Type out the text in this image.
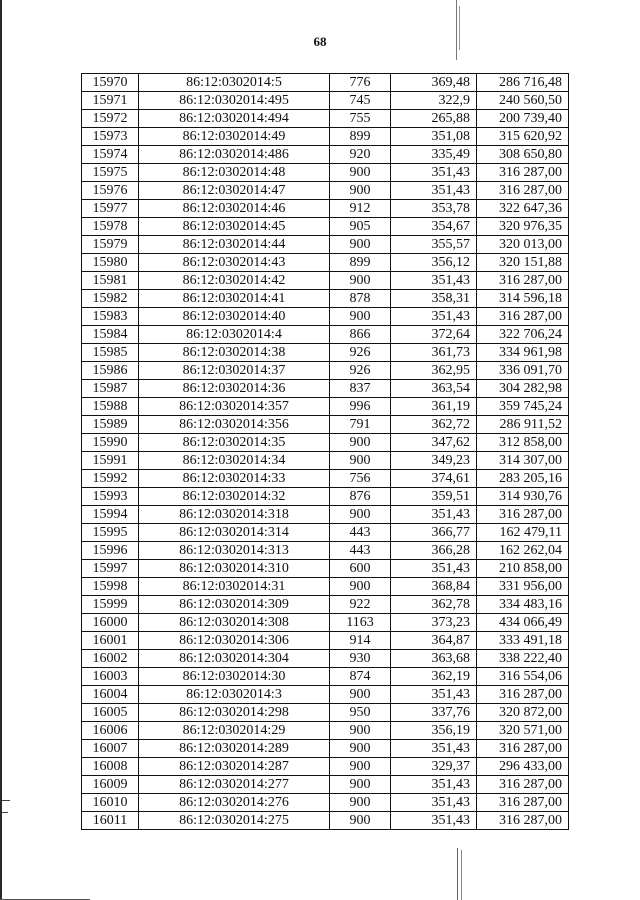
68
15970	86:12:0302014:5	776	369,48	286 716,48
15971	86:12:0302014:495	745	322,9	240 560,50
15972	86:12:0302014:494	755	265,88	200 739,40
15973	86:12:0302014:49	899	351,08	315 620,92
15974	86:12:0302014:486	920	335,49	308 650,80
15975	86:12:0302014:48	900	351,43	316 287,00
15976	86:12:0302014:47	900	351,43	316 287,00
15977	86:12:0302014:46	912	353,78	322 647,36
15978	86:12:0302014:45	905	354,67	320 976,35
15979	86:12:0302014:44	900	355,57	320 013,00
15980	86:12:0302014:43	899	356,12	320 151,88
15981	86:12:0302014:42	900	351,43	316 287,00
15982	86:12:0302014:41	878	358,31	314 596,18
15983	86:12:0302014:40	900	351,43	316 287,00
15984	86:12:0302014:4	866	372,64	322 706,24
15985	86:12:0302014:38	926	361,73	334 961,98
15986	86:12:0302014:37	926	362,95	336 091,70
15987	86:12:0302014:36	837	363,54	304 282,98
15988	86:12:0302014:357	996	361,19	359 745,24
15989	86:12:0302014:356	791	362,72	286 911,52
15990	86:12:0302014:35	900	347,62	312 858,00
15991	86:12:0302014:34	900	349,23	314 307,00
15992	86:12:0302014:33	756	374,61	283 205,16
15993	86:12:0302014:32	876	359,51	314 930,76
15994	86:12:0302014:318	900	351,43	316 287,00
15995	86:12:0302014:314	443	366,77	162 479,11
15996	86:12:0302014:313	443	366,28	162 262,04
15997	86:12:0302014:310	600	351,43	210 858,00
15998	86:12:0302014:31	900	368,84	331 956,00
15999	86:12:0302014:309	922	362,78	334 483,16
16000	86:12:0302014:308	1163	373,23	434 066,49
16001	86:12:0302014:306	914	364,87	333 491,18
16002	86:12:0302014:304	930	363,68	338 222,40
16003	86:12:0302014:30	874	362,19	316 554,06
16004	86:12:0302014:3	900	351,43	316 287,00
16005	86:12:0302014:298	950	337,76	320 872,00
16006	86:12:0302014:29	900	356,19	320 571,00
16007	86:12:0302014:289	900	351,43	316 287,00
16008	86:12:0302014:287	900	329,37	296 433,00
16009	86:12:0302014:277	900	351,43	316 287,00
16010	86:12:0302014:276	900	351,43	316 287,00
16011	86:12:0302014:275	900	351,43	316 287,00
